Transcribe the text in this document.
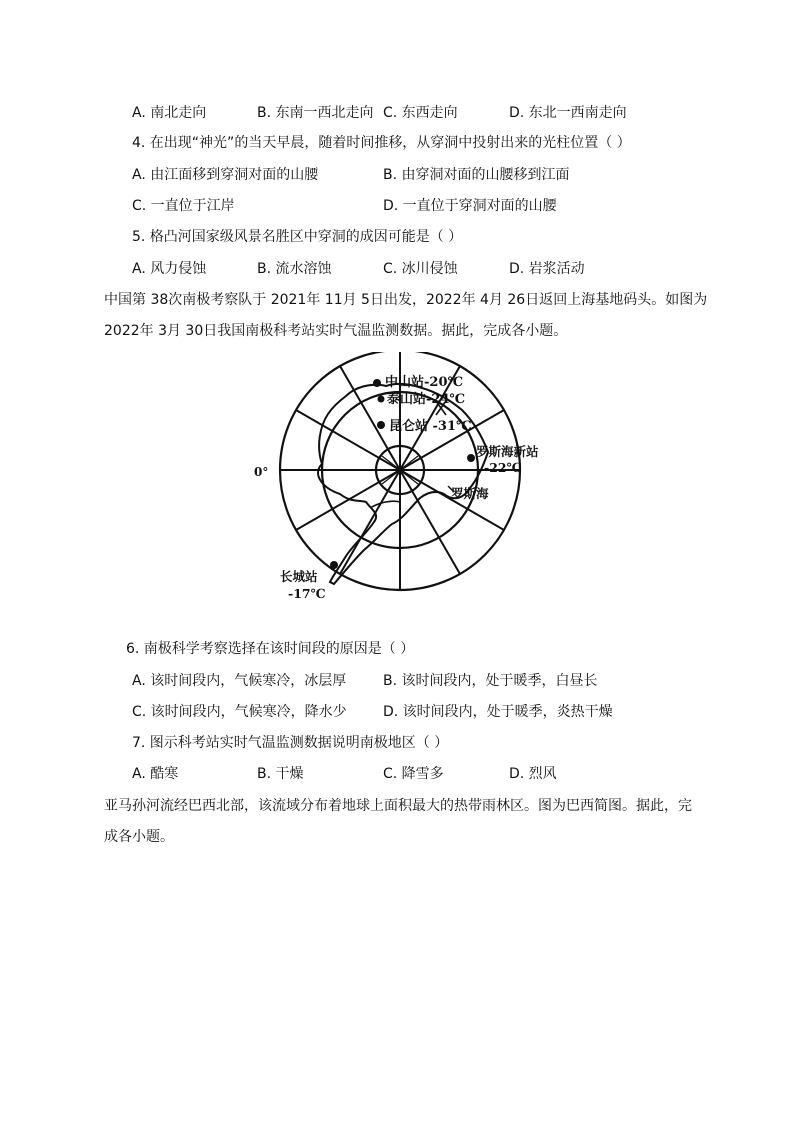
A. 南北走向	B. 东南一西北走向 C. 东西走向	D. 东北一西南走向
4. 在出现“神光”的当天早晨，随着时间推移，从穿洞中投射出来的光柱位置（ ）
A. 由江面移到穿洞对面的山腰	B. 由穿洞对面的山腰移到江面
C. 一直位于江岸	D. 一直位于穿洞对面的山腰
5. 格凸河国家级风景名胜区中穿洞的成因可能是（ ）
A. 风力侵蚀	B. 流水溶蚀	C. 冰川侵蚀	D. 岩浆活动
中国第 38次南极考察队于 2021年 11月 5日出发，2022年 4月 26日返回上海基地码头。如图为
2022年 3月 30日我国南极科考站实时气温监测数据。据此，完成各小题。
0°
中山站-20℃
泰山站-24℃
昆仑站 -31℃
罗斯海新站
-22℃
罗斯海
长城站
-17℃
6. 南极科学考察选择在该时间段的原因是（ ）
A. 该时间段内，气候寒冷，冰层厚	B. 该时间段内，处于暖季，白昼长
C. 该时间段内，气候寒冷，降水少	D. 该时间段内，处于暖季，炎热干燥
7. 图示科考站实时气温监测数据说明南极地区（ ）
A. 酷寒	B. 干燥	C. 降雪多	D. 烈风
亚马孙河流经巴西北部，该流域分布着地球上面积最大的热带雨林区。图为巴西简图。据此，完
成各小题。
